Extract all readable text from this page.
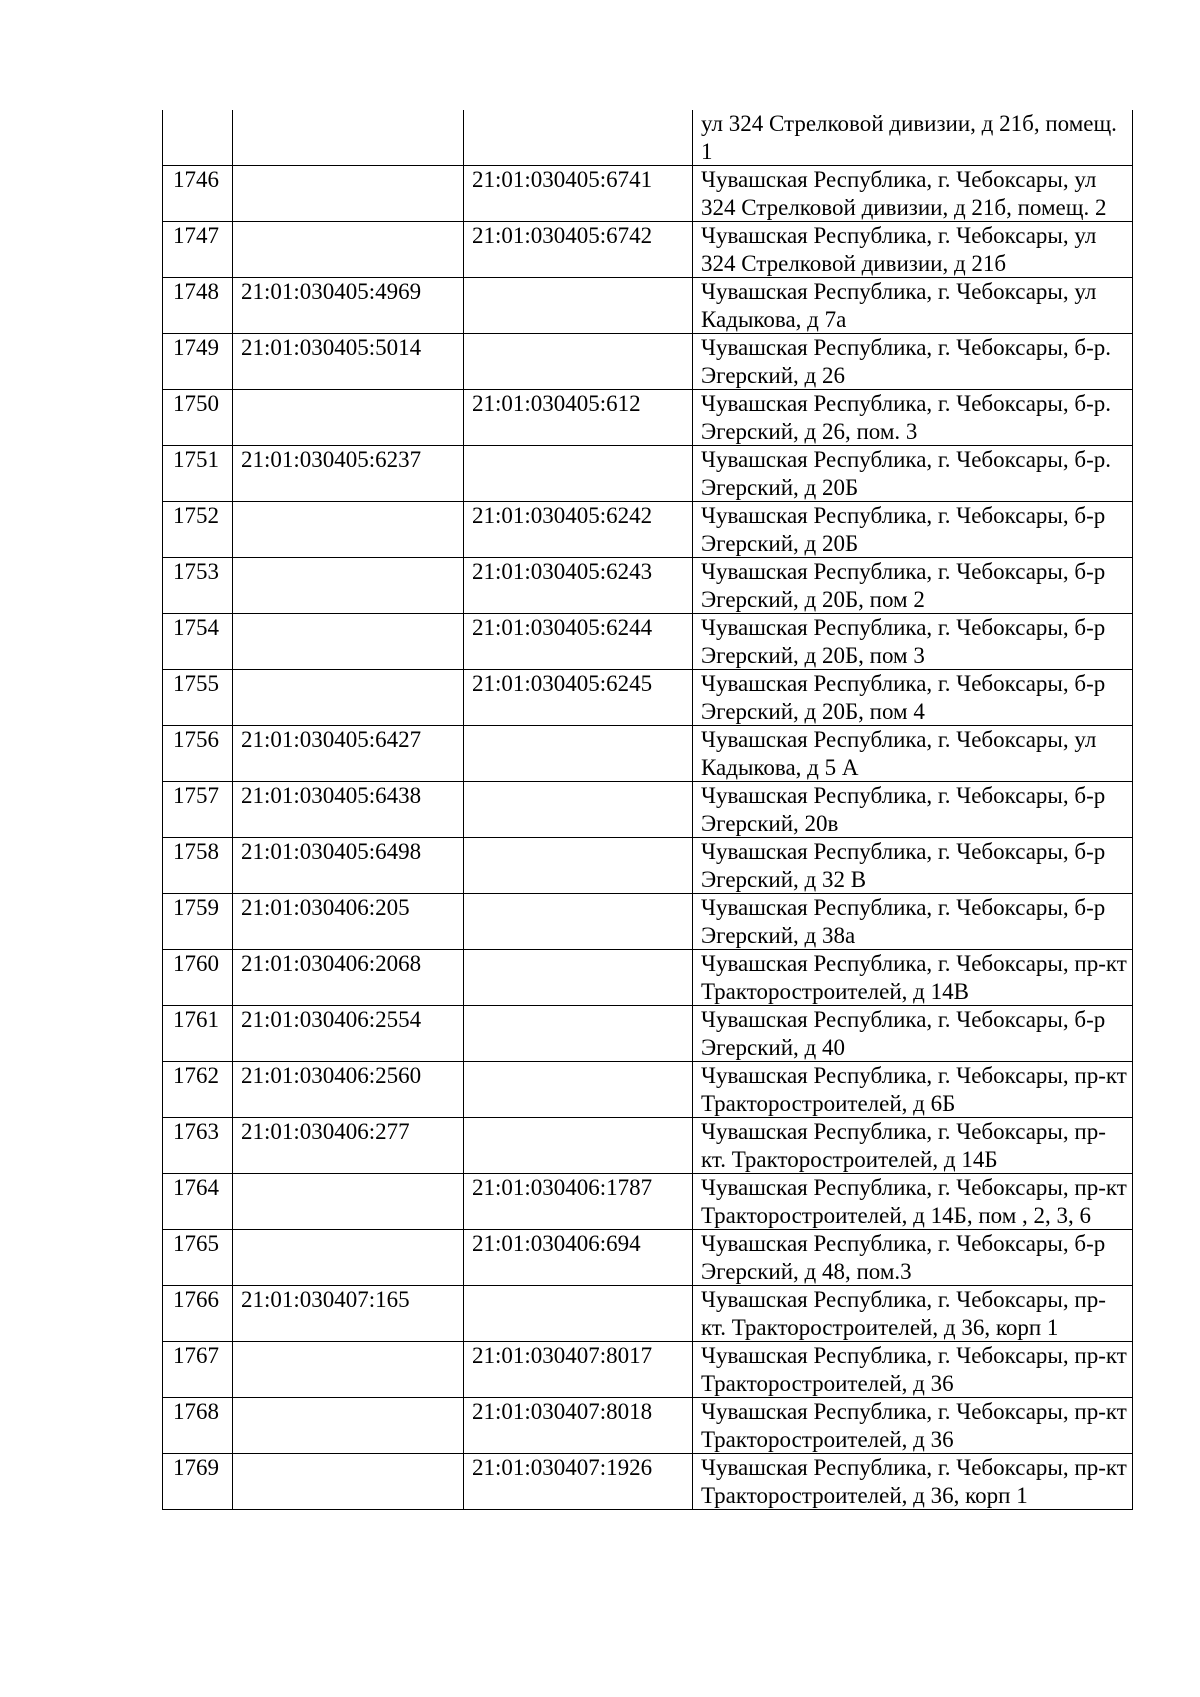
			ул 324 Стрелковой дивизии, д 21б, помещ. 1
1746		21:01:030405:6741	Чувашская Республика, г. Чебоксары, ул 324 Стрелковой дивизии, д 21б, помещ. 2
1747		21:01:030405:6742	Чувашская Республика, г. Чебоксары, ул 324 Стрелковой дивизии, д 21б
1748	21:01:030405:4969		Чувашская Республика, г. Чебоксары, ул Кадыкова, д 7а
1749	21:01:030405:5014		Чувашская Республика, г. Чебоксары, б-р. Эгерский, д 26
1750		21:01:030405:612	Чувашская Республика, г. Чебоксары, б-р. Эгерский, д 26, пом. 3
1751	21:01:030405:6237		Чувашская Республика, г. Чебоксары, б-р. Эгерский, д 20Б
1752		21:01:030405:6242	Чувашская Республика, г. Чебоксары, б-р Эгерский, д 20Б
1753		21:01:030405:6243	Чувашская Республика, г. Чебоксары, б-р Эгерский, д 20Б, пом 2
1754		21:01:030405:6244	Чувашская Республика, г. Чебоксары, б-р Эгерский, д 20Б, пом 3
1755		21:01:030405:6245	Чувашская Республика, г. Чебоксары, б-р Эгерский, д 20Б, пом 4
1756	21:01:030405:6427		Чувашская Республика, г. Чебоксары, ул Кадыкова, д 5 А
1757	21:01:030405:6438		Чувашская Республика, г. Чебоксары, б-р Эгерский, 20в
1758	21:01:030405:6498		Чувашская Республика, г. Чебоксары, б-р Эгерский, д 32 В
1759	21:01:030406:205		Чувашская Республика, г. Чебоксары, б-р Эгерский, д 38а
1760	21:01:030406:2068		Чувашская Республика, г. Чебоксары, пр-кт Тракторостроителей, д 14В
1761	21:01:030406:2554		Чувашская Республика, г. Чебоксары, б-р Эгерский, д 40
1762	21:01:030406:2560		Чувашская Республика, г. Чебоксары, пр-кт Тракторостроителей, д 6Б
1763	21:01:030406:277		Чувашская Республика, г. Чебоксары, пр-кт. Тракторостроителей, д 14Б
1764		21:01:030406:1787	Чувашская Республика, г. Чебоксары, пр-кт Тракторостроителей, д 14Б, пом , 2, 3, 6
1765		21:01:030406:694	Чувашская Республика, г. Чебоксары, б-р Эгерский, д 48, пом.3
1766	21:01:030407:165		Чувашская Республика, г. Чебоксары, пр-кт. Тракторостроителей, д 36, корп 1
1767		21:01:030407:8017	Чувашская Республика, г. Чебоксары, пр-кт Тракторостроителей, д 36
1768		21:01:030407:8018	Чувашская Республика, г. Чебоксары, пр-кт Тракторостроителей, д 36
1769		21:01:030407:1926	Чувашская Республика, г. Чебоксары, пр-кт Тракторостроителей, д 36, корп 1
